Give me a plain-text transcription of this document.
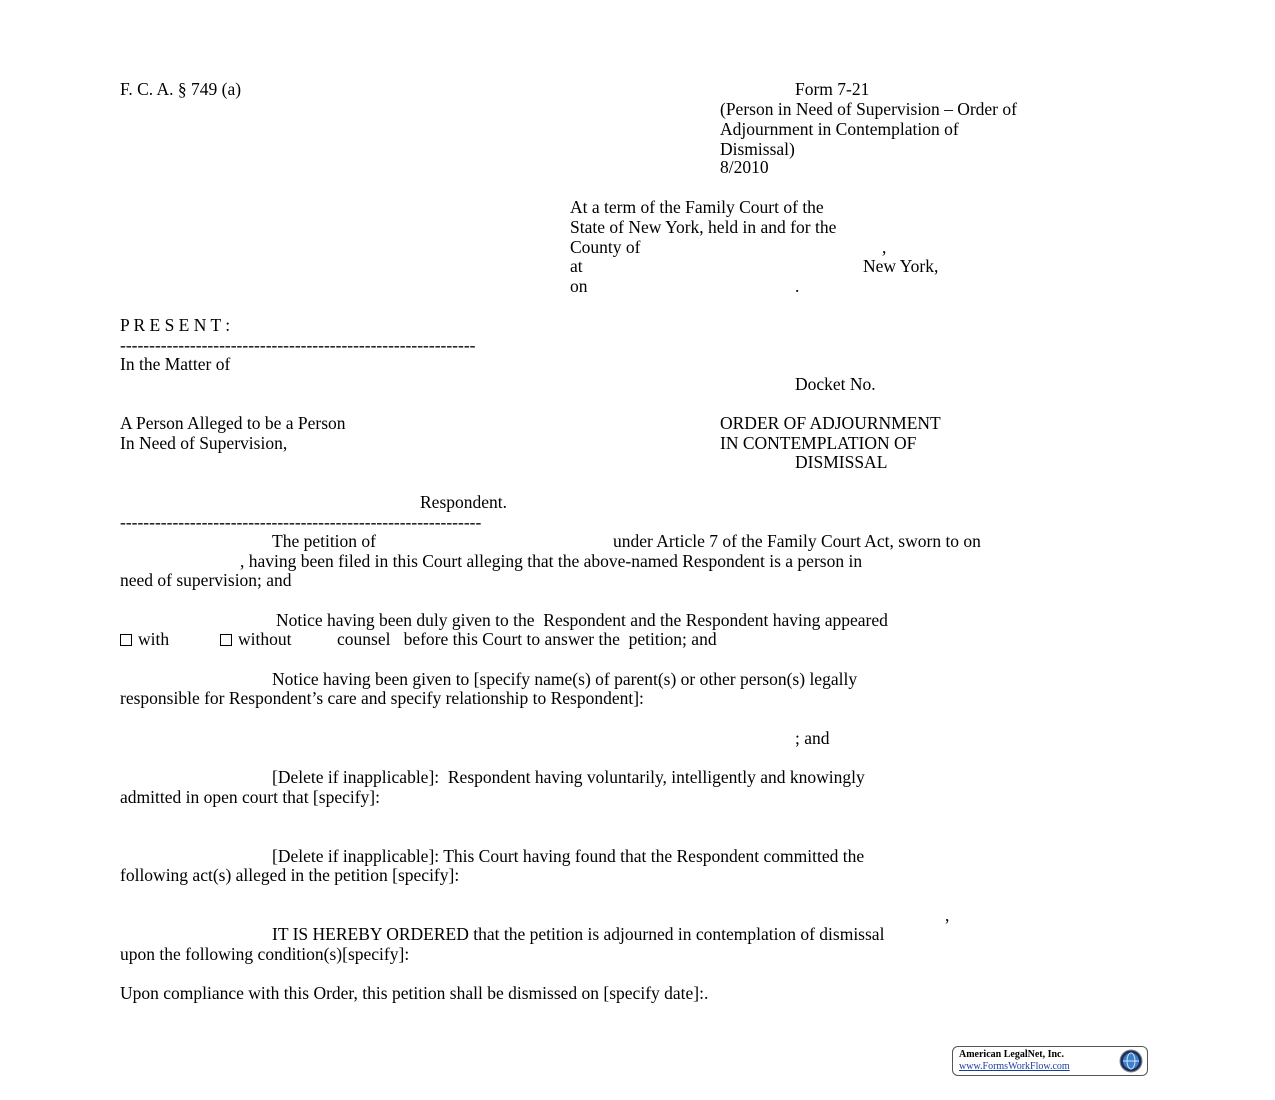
F. C. A. § 749 (a)	Form 7-21
(Person in Need of Supervision – Order of
Adjournment in Contemplation of
Dismissal)
8/2010
At a term of the Family Court of the
State of New York, held in and for the
County of	,
at	New York,
on	.
P R E S E N T :
-------------------------------------------------------------
In the Matter of
Docket No.
A Person Alleged to be a Person
In Need of Supervision,
ORDER OF ADJOURNMENT
IN CONTEMPLATION OF
DISMISSAL
Respondent.
--------------------------------------------------------------
The petition of	under Article 7 of the Family Court Act, sworn to on
, having been filed in this Court alleging that the above-named Respondent is a person in
need of supervision; and
Notice having been duly given to the  Respondent and the Respondent having appeared
with	without	counsel   before this Court to answer the  petition; and
Notice having been given to [specify name(s) of parent(s) or other person(s) legally
responsible for Respondent’s care and specify relationship to Respondent]:
; and
[Delete if inapplicable]:  Respondent having voluntarily, intelligently and knowingly
admitted in open court that [specify]:
[Delete if inapplicable]: This Court having found that the Respondent committed the
following act(s) alleged in the petition [specify]:
,
IT IS HEREBY ORDERED that the petition is adjourned in contemplation of dismissal
upon the following condition(s)[specify]:
Upon compliance with this Order, this petition shall be dismissed on [specify date]:.
American LegalNet, Inc.
www.FormsWorkFlow.com
